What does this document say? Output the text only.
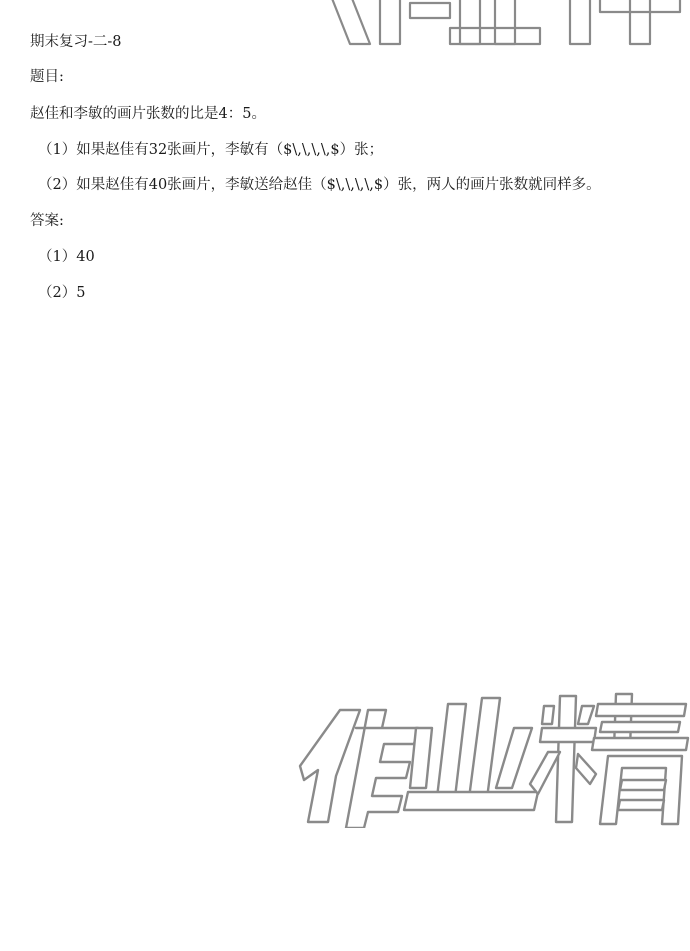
期末复习-二-8
题目:
赵佳和李敏的画片张数的比是4：5。
（1）如果赵佳有32张画片，李敏有（$\,\,\,\,$）张；
（2）如果赵佳有40张画片，李敏送给赵佳（$\,\,\,\,$）张，两人的画片张数就同样多。
答案:
（1）40
（2）5
